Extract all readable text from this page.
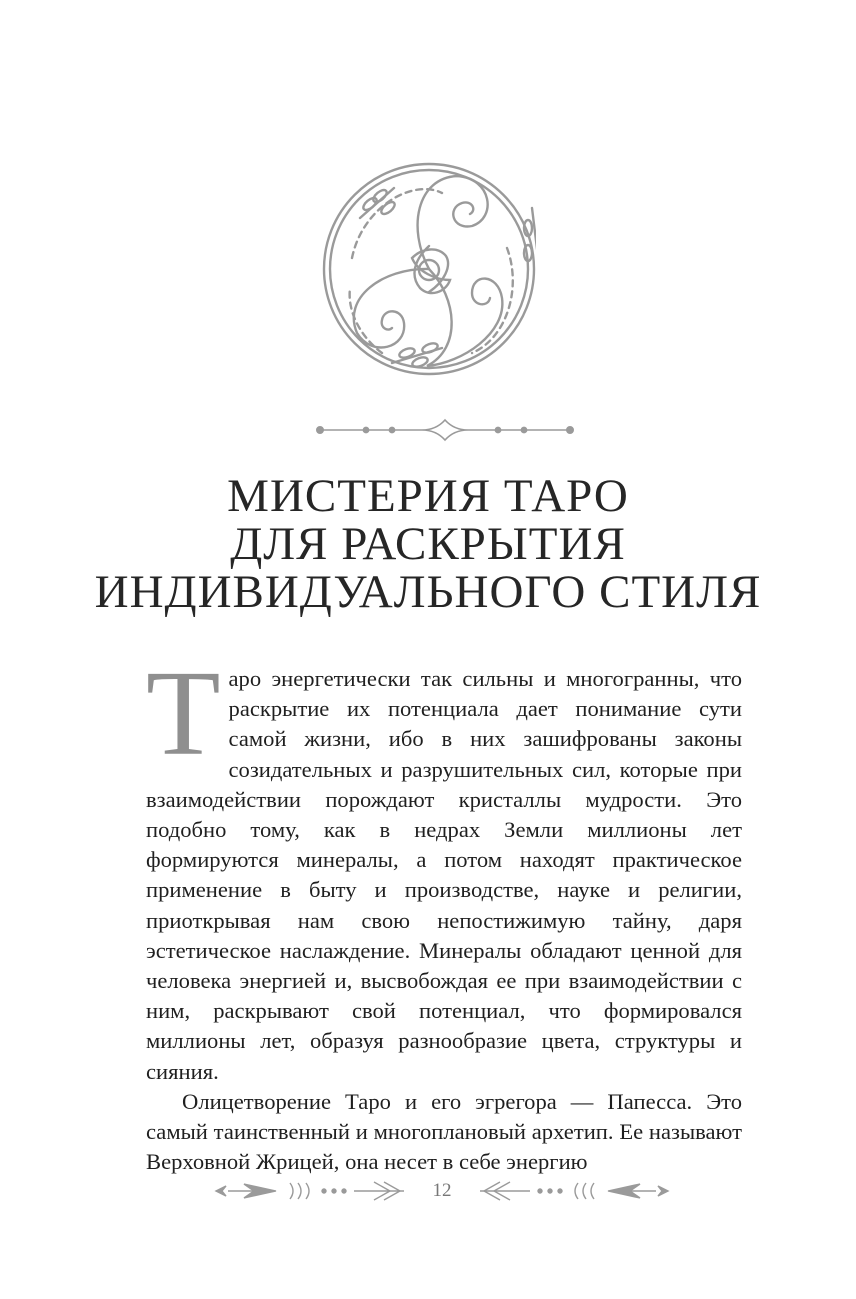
МИСТЕРИЯ ТАРО
ДЛЯ РАСКРЫТИЯ
ИНДИВИДУАЛЬНОГО СТИЛЯ

Таро энергетически так сильны и многогранны, что раскрытие их потенциала дает понимание сути самой жизни, ибо в них зашифрованы законы созидательных и разрушительных сил, которые при взаимодействии порождают кристаллы мудрости. Это подобно тому, как в недрах Земли миллионы лет формируются минералы, а потом находят практическое применение в быту и производстве, науке и религии, приоткрывая нам свою непостижимую тайну, даря эстетическое наслаждение. Минералы обладают ценной для человека энергией и, высвобождая ее при взаимодействии с ним, раскрывают свой потенциал, что формировался миллионы лет, образуя разнообразие цвета, структуры и сияния.

Олицетворение Таро и его эгрегора — Папесса. Это самый таинственный и многоплановый архетип. Ее называют Верховной Жрицей, она несет в себе энергию

12
